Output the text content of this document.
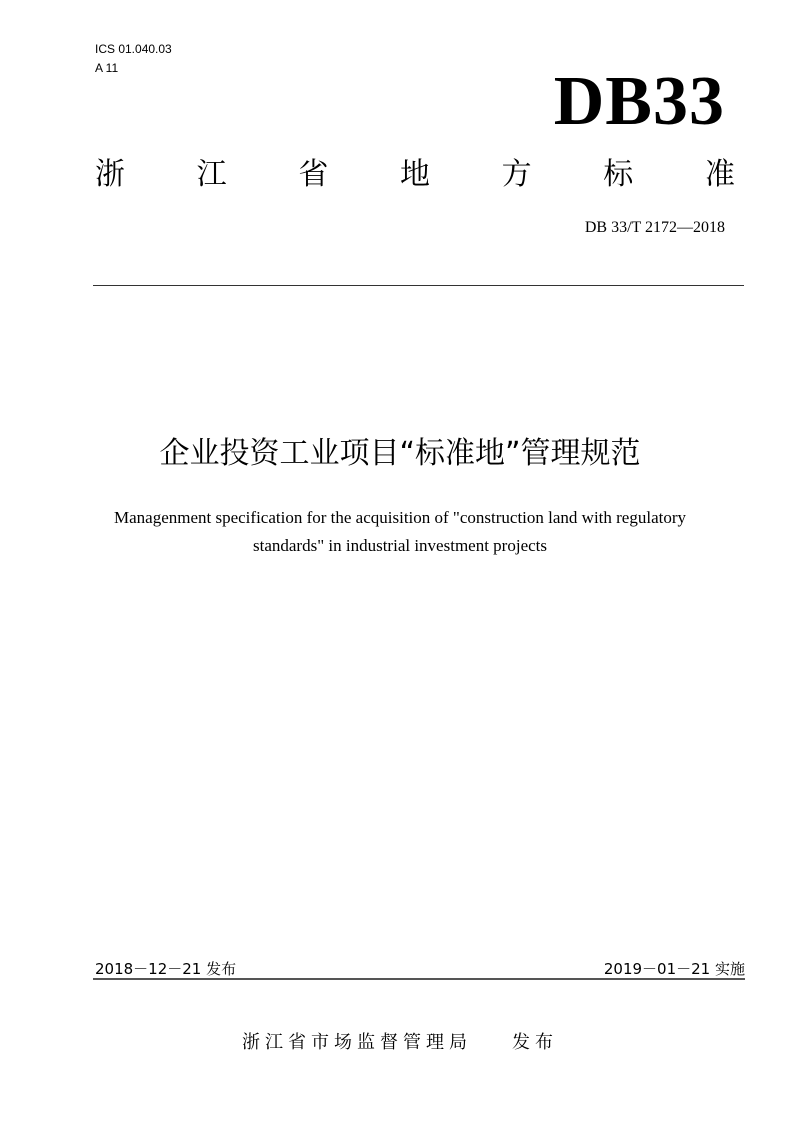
ICS 01.040.03
A 11	DB33
浙 江 省 地 方 标 准
DB 33/T 2172—2018
企业投资工业项目“标准地”管理规范
Managenment specification for the acquisition of "construction land with regulatory
standards" in industrial investment projects
2018－12－21 发布	2019－01－21 实施
浙江省市场监督管理局 发布
